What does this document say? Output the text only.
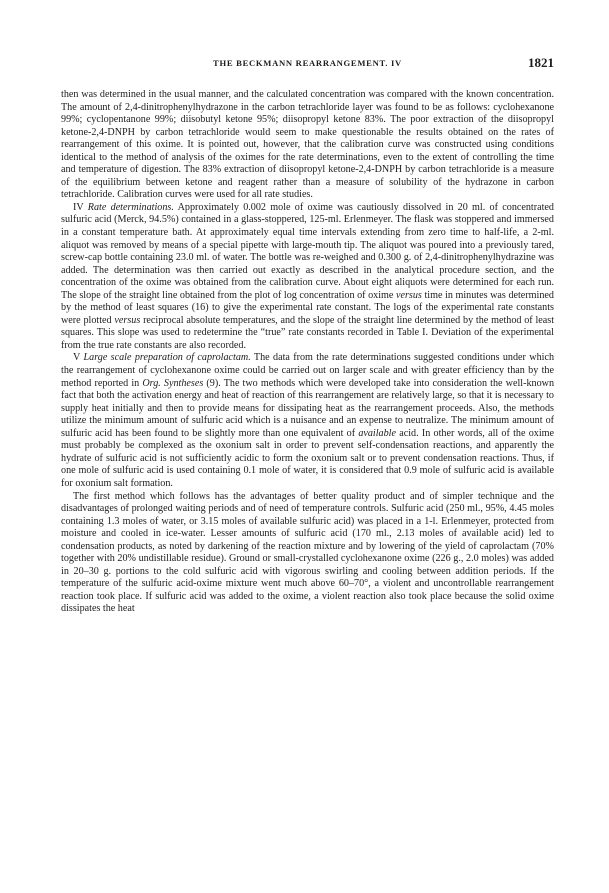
THE BECKMANN REARRANGEMENT. IV	1821

then was determined in the usual manner, and the calculated concentration was compared with the known concentration. The amount of 2,4-dinitrophenylhydrazone in the carbon tetrachloride layer was found to be as follows: cyclohexanone 99%; cyclopentanone 99%; diisobutyl ketone 95%; diisopropyl ketone 83%. The poor extraction of the diisopropyl ketone-2,4-DNPH by carbon tetrachloride would seem to make questionable the results obtained on the rates of rearrangement of this oxime. It is pointed out, however, that the calibration curve was constructed using conditions identical to the method of analysis of the oximes for the rate determinations, even to the extent of controlling the time and temperature of digestion. The 83% extraction of diisopropyl ketone-2,4-DNPH by carbon tetrachloride is a measure of the equilibrium between ketone and reagent rather than a measure of solubility of the hydrazone in carbon tetrachloride. Calibration curves were used for all rate studies.

IV Rate determinations. Approximately 0.002 mole of oxime was cautiously dissolved in 20 ml. of concentrated sulfuric acid (Merck, 94.5%) contained in a glass-stoppered, 125-ml. Erlenmeyer. The flask was stoppered and immersed in a constant temperature bath. At approximately equal time intervals extending from zero time to half-life, a 2-ml. aliquot was removed by means of a special pipette with large-mouth tip. The aliquot was poured into a previously tared, screw-cap bottle containing 23.0 ml. of water. The bottle was re-weighed and 0.300 g. of 2,4-dinitrophenylhydrazine was added. The determination was then carried out exactly as described in the analytical procedure section, and the concentration of the oxime was obtained from the calibration curve. About eight aliquots were determined for each run. The slope of the straight line obtained from the plot of log concentration of oxime versus time in minutes was determined by the method of least squares (16) to give the experimental rate constant. The logs of the experimental rate constants were plotted versus reciprocal absolute temperatures, and the slope of the straight line determined by the method of least squares. This slope was used to redetermine the “true” rate constants recorded in Table I. Deviation of the experimental from the true rate constants are also recorded.

V Large scale preparation of caprolactam. The data from the rate determinations suggested conditions under which the rearrangement of cyclohexanone oxime could be carried out on larger scale and with greater efficiency than by the method reported in Org. Syntheses (9). The two methods which were developed take into consideration the well-known fact that both the activation energy and heat of reaction of this rearrangement are relatively large, so that it is necessary to supply heat initially and then to provide means for dissipating heat as the rearrangement proceeds. Also, the methods utilize the minimum amount of sulfuric acid which is a nuisance and an expense to neutralize. The minimum amount of sulfuric acid has been found to be slightly more than one equivalent of available acid. In other words, all of the oxime must probably be complexed as the oxonium salt in order to prevent self-condensation reactions, and apparently the hydrate of sulfuric acid is not sufficiently acidic to form the oxonium salt or to prevent condensation reactions. Thus, if one mole of sulfuric acid is used containing 0.1 mole of water, it is considered that 0.9 mole of sulfuric acid is available for oxonium salt formation.

The first method which follows has the advantages of better quality product and of simpler technique and the disadvantages of prolonged waiting periods and of need of temperature controls. Sulfuric acid (250 ml., 95%, 4.45 moles containing 1.3 moles of water, or 3.15 moles of available sulfuric acid) was placed in a 1-l. Erlenmeyer, protected from moisture and cooled in ice-water. Lesser amounts of sulfuric acid (170 ml., 2.13 moles of available acid) led to condensation products, as noted by darkening of the reaction mixture and by lowering of the yield of caprolactam (70% together with 20% undistillable residue). Ground or small-crystalled cyclohexanone oxime (226 g., 2.0 moles) was added in 20–30 g. portions to the cold sulfuric acid with vigorous swirling and cooling between addition periods. If the temperature of the sulfuric acid-oxime mixture went much above 60–70°, a violent and uncontrollable rearrangement reaction took place. If sulfuric acid was added to the oxime, a violent reaction also took place because the solid oxime dissipates the heat
